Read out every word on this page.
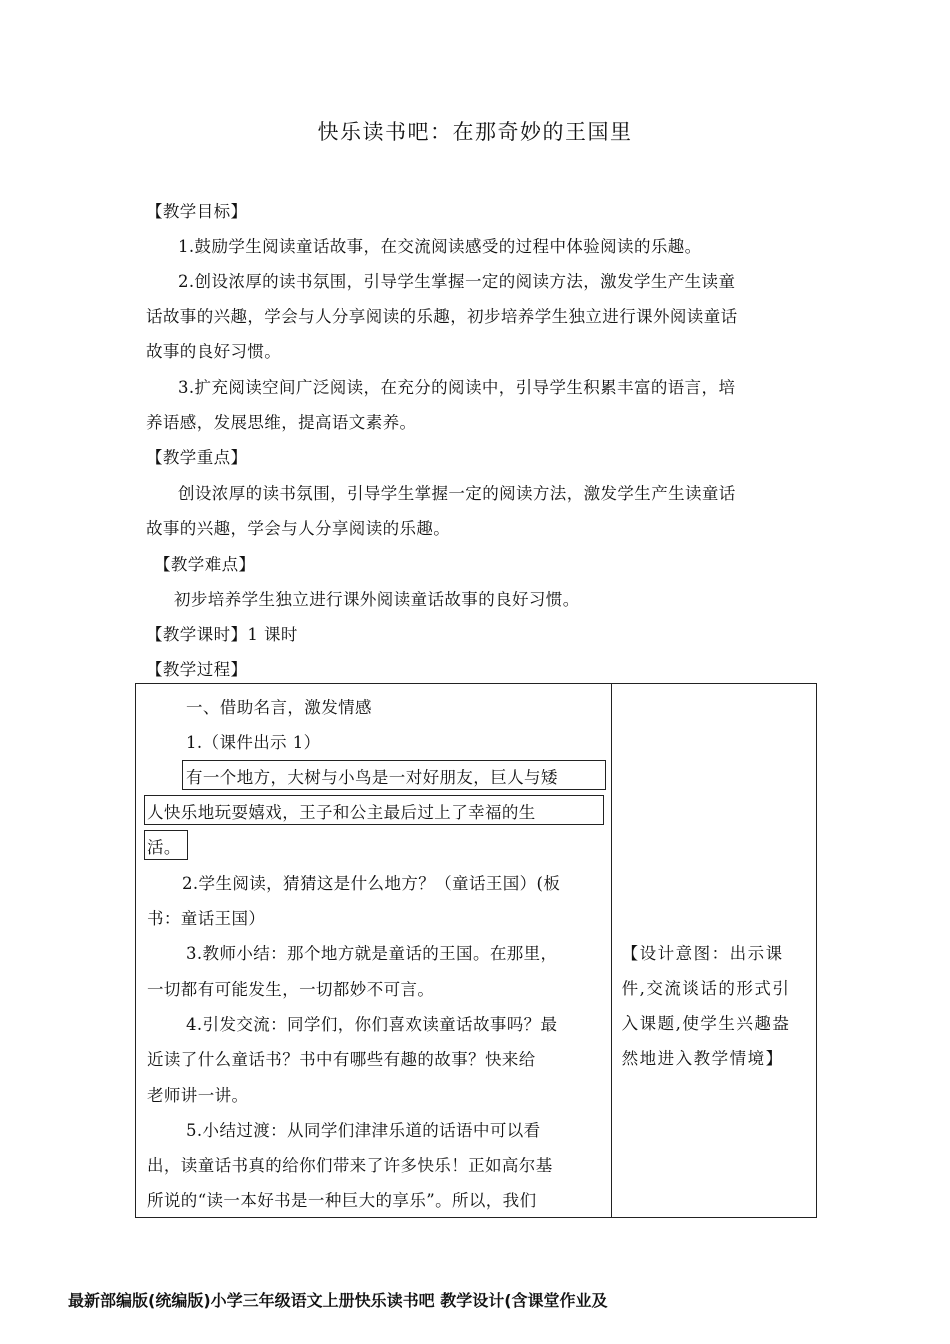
快乐读书吧：在那奇妙的王国里
【教学目标】
1.鼓励学生阅读童话故事，在交流阅读感受的过程中体验阅读的乐趣。
2.创设浓厚的读书氛围，引导学生掌握一定的阅读方法，激发学生产生读童
话故事的兴趣，学会与人分享阅读的乐趣，初步培养学生独立进行课外阅读童话
故事的良好习惯。
3.扩充阅读空间广泛阅读，在充分的阅读中，引导学生积累丰富的语言，培
养语感，发展思维，提高语文素养。
【教学重点】
创设浓厚的读书氛围，引导学生掌握一定的阅读方法，激发学生产生读童话
故事的兴趣，学会与人分享阅读的乐趣。
【教学难点】
初步培养学生独立进行课外阅读童话故事的良好习惯。
【教学课时】1 课时
【教学过程】
一、借助名言，激发情感
1.（课件出示 1）
有一个地方，大树与小鸟是一对好朋友，巨人与矮
人快乐地玩耍嬉戏，王子和公主最后过上了幸福的生
活。
2.学生阅读，猜猜这是什么地方？（童话王国）(板
书：童话王国）
3.教师小结：那个地方就是童话的王国。在那里，
一切都有可能发生，一切都妙不可言。
4.引发交流：同学们，你们喜欢读童话故事吗？最
近读了什么童话书？书中有哪些有趣的故事？快来给
老师讲一讲。
5.小结过渡：从同学们津津乐道的话语中可以看
出，读童话书真的给你们带来了许多快乐！正如高尔基
所说的“读一本好书是一种巨大的享乐”。所以，我们

【设计意图：出示课
件,交流谈话的形式引
入课题,使学生兴趣盎
然地进入教学情境】
最新部编版(统编版)小学三年级语文上册快乐读书吧 教学设计(含课堂作业及
